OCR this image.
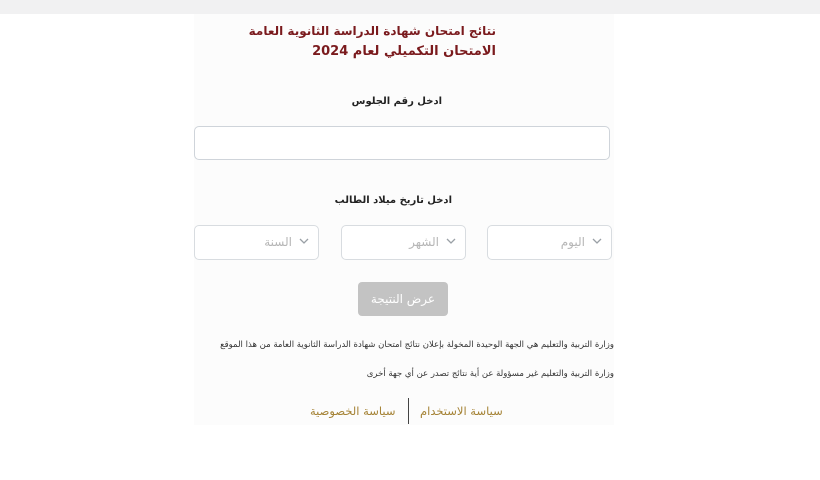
نتائج امتحان شهادة الدراسة الثانوية العامة
الامتحان التكميلي لعام 2024
ادخل رقم الجلوس
ادخل تاريخ ميلاد الطالب
اليوم
الشهر
السنة
عرض النتيجة
وزارة التربية والتعليم هي الجهة الوحيدة المخولة بإعلان نتائج امتحان شهادة الدراسة الثانوية العامة من هذا الموقع
وزارة التربية والتعليم غير مسؤولة عن أية نتائج تصدر عن أي جهة أخرى
سياسة الاستخدام
سياسة الخصوصية
